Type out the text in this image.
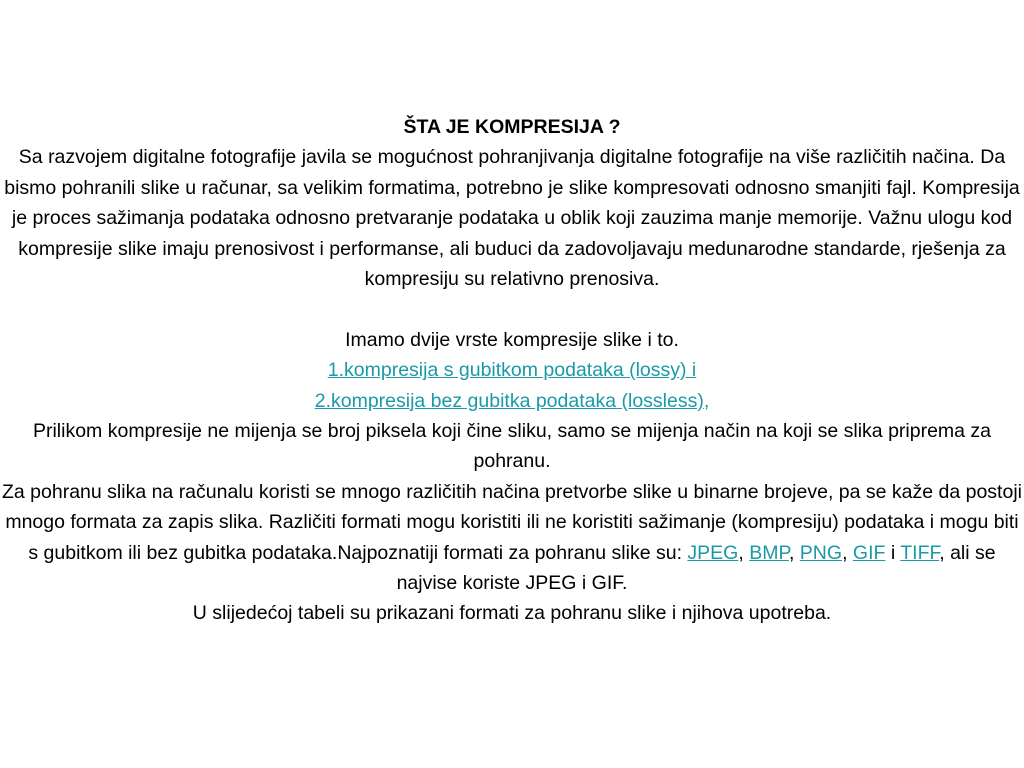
ŠTA JE KOMPRESIJA ?

Sa razvojem digitalne fotografije javila se mogućnost pohranjivanja digitalne fotografije na više različitih načina. Da bismo pohranili slike u računar, sa velikim formatima, potrebno je slike kompresovati odnosno smanjiti fajl. Kompresija je proces sažimanja podataka odnosno pretvaranje podataka u oblik koji zauzima manje memorije. Važnu ulogu kod kompresije slike imaju prenosivost i performanse, ali buduci da zadovoljavaju medunarodne standarde, rješenja za kompresiju su relativno prenosiva.

Imamo dvije vrste kompresije slike i to.

1.kompresija s gubitkom podataka (lossy) i

2.kompresija bez gubitka podataka (lossless),

Prilikom kompresije ne mijenja se broj piksela koji čine sliku, samo se mijenja način na koji se slika priprema za pohranu.

Za pohranu slika na računalu koristi se mnogo različitih načina pretvorbe slike u binarne brojeve, pa se kaže da postoji mnogo formata za zapis slika. Različiti formati mogu koristiti ili ne koristiti sažimanje (kompresiju) podataka i mogu biti s gubitkom ili bez gubitka podataka.Najpoznatiji formati za pohranu slike su: JPEG, BMP, PNG, GIF i TIFF, ali se najvise koriste JPEG i GIF.

U slijedećoj tabeli su prikazani formati za pohranu slike i njihova upotreba.
